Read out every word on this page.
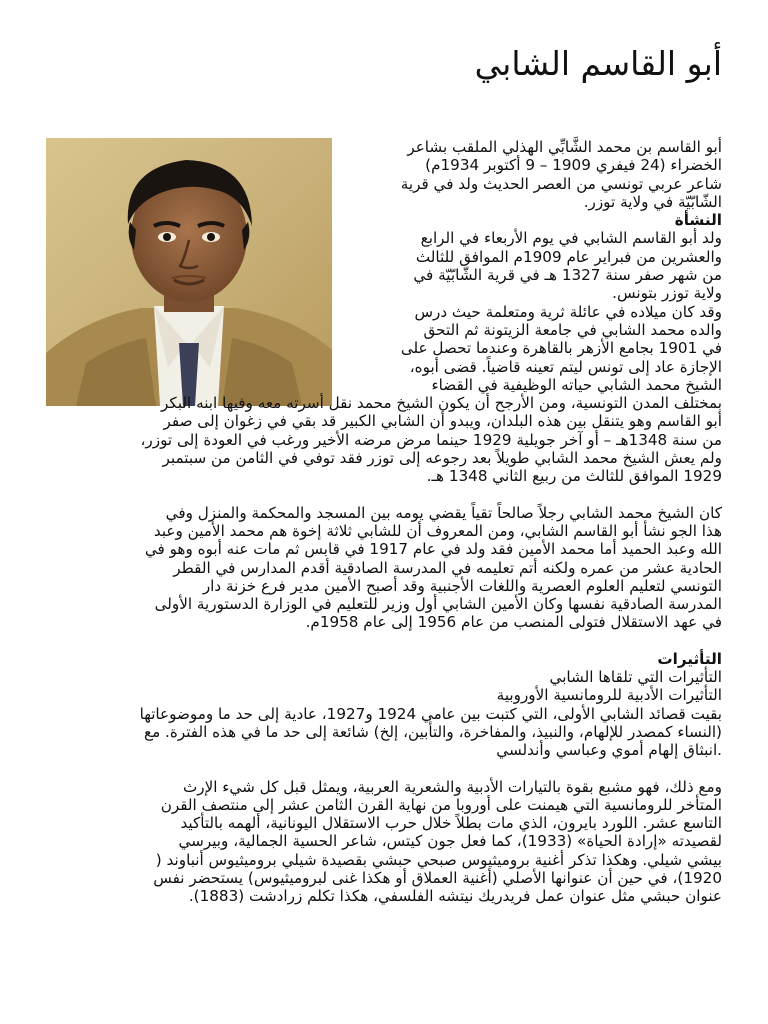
أبو القاسم الشابي
أبو القاسم بن محمد الشَّابِّي الهذلي الملقب بشاعر
الخضراء (24 فيفري 1909 – 9 أكتوبر 1934م)
شاعر عربي تونسي من العصر الحديث ولد في قرية
الشّابّيّة في ولاية توزر.
النشأة
ولد أبو القاسم الشابي في يوم الأربعاء في الرابع
والعشرين من فبراير عام 1909م الموافق للثالث
من شهر صفر سنة 1327 هـ في قرية الشّابّيّة في
ولاية توزر بتونس.
وقد كان ميلاده في عائلة ثرية ومتعلمة حيث درس
والده محمد الشابي في جامعة الزيتونة ثم التحق
في 1901 بجامع الأزهر بالقاهرة وعندما تحصل على
الإجازة عاد إلى تونس ليتم تعينه قاضياً. قضى أبوه،
الشيخ محمد الشابي حياته الوظيفية في القضاء
بمختلف المدن التونسية، ومن الأرجح أن يكون الشيخ محمد نقل أسرته معه وفيها ابنه البكر
أبو القاسم وهو يتنقل بين هذه البلدان، ويبدو أن الشابي الكبير قد بقي في زغوان إلى صفر
من سنة 1348هـ – أو آخر جويلية 1929 حينما مرض مرضه الأخير ورغب في العودة إلى توزر،
ولم يعش الشيخ محمد الشابي طويلاً بعد رجوعه إلى توزر فقد توفي في الثامن من سبتمبر
1929 الموافق للثالث من ربيع الثاني 1348 هـ.
كان الشيخ محمد الشابي رجلاً صالحاً تقياً يقضي يومه بين المسجد والمحكمة والمنزل وفي
هذا الجو نشأ أبو القاسم الشابي، ومن المعروف أن للشابي ثلاثة إخوة هم محمد الأمين وعبد
الله وعبد الحميد أما محمد الأمين فقد ولد في عام 1917 في قابس ثم مات عنه أبوه وهو في
الحادية عشر من عمره ولكنه أتم تعليمه في المدرسة الصادقية أقدم المدارس في القطر
التونسي لتعليم العلوم العصرية واللغات الأجنبية وقد أصبح الأمين مدير فرع خزنة دار
المدرسة الصادقية نفسها وكان الأمين الشابي أول وزير للتعليم في الوزارة الدستورية الأولى
في عهد الاستقلال فتولى المنصب من عام 1956 إلى عام 1958م.
التأثيرات
التأثيرات التي تلقاها الشابي
التأثيرات الأدبية للرومانسية الأوروبية
بقيت قصائد الشابي الأولى، التي كتبت بين عامي 1924 و1927، عادية إلى حد ما وموضوعاتها
(النساء كمصدر للإلهام، والنبيذ، والمفاخرة، والتأبين، إلخ) شائعة إلى حد ما في هذه الفترة. مع
.انبثاق إلهام أموي وعباسي وأندلسي
ومع ذلك، فهو مشبع بقوة بالتيارات الأدبية والشعرية العربية، ويمثل قبل كل شيء الإرث
المتأخر للرومانسية التي هيمنت على أوروبا من نهاية القرن الثامن عشر إلى منتصف القرن
التاسع عشر. اللورد بايرون، الذي مات بطلاً خلال حرب الاستقلال اليونانية، ألهمه بالتأكيد
لقصيدته «إرادة الحياة» (1933)، كما فعل جون كيتس، شاعر الحسية الجمالية، وبيرسي
بيشي شيلي. وهكذا تذكر أغنية بروميثيوس صبحي حبشي بقصيدة شيلي بروميثيوس أنباوند (
1920)، في حين أن عنوانها الأصلي (أغنية العملاق أو هكذا غنى لبروميثيوس) يستحضر نفس
عنوان حبشي مثل عنوان عمل فريدريك نيتشه الفلسفي، هكذا تكلم زرادشت (1883).
